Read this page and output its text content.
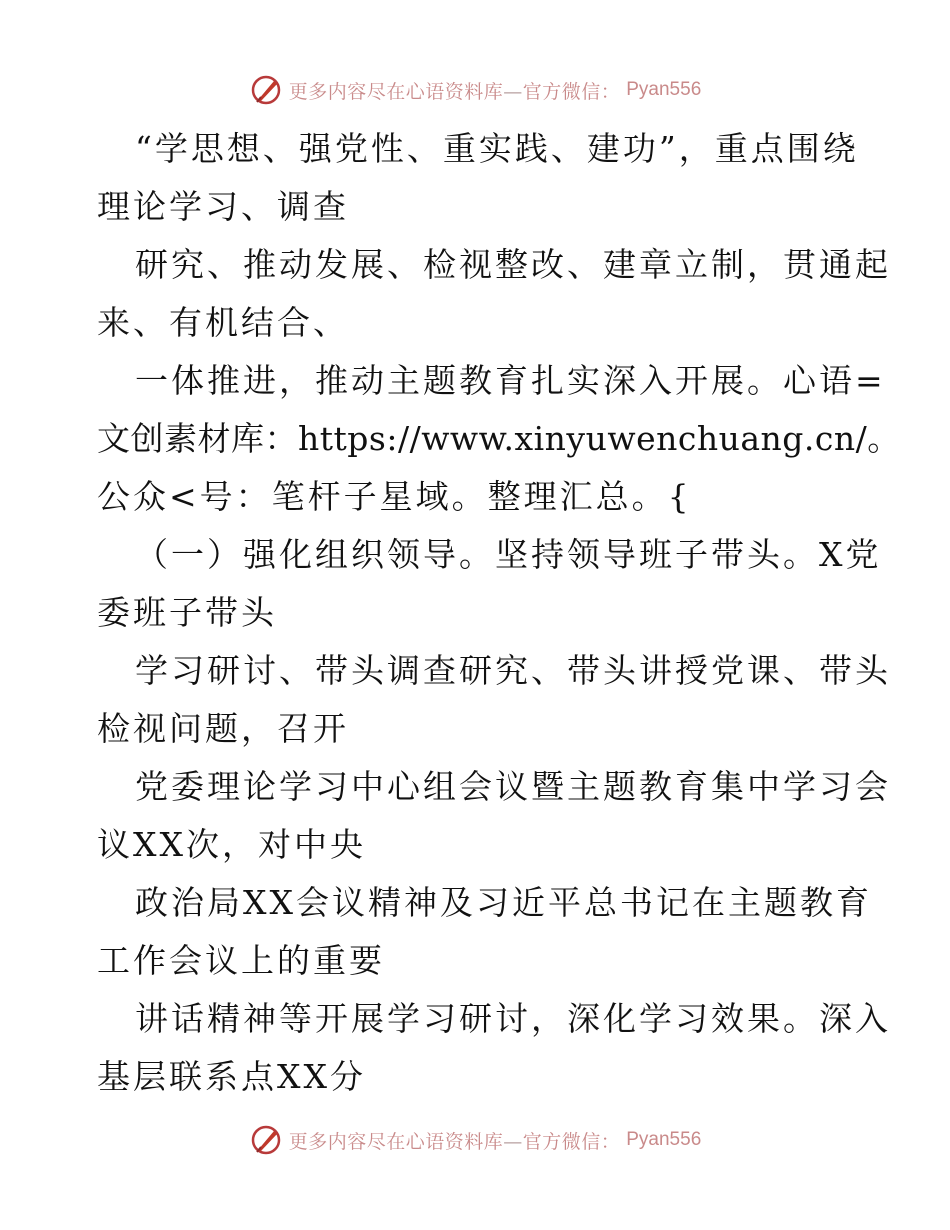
更多内容尽在心语资料库—官方微信： Pyan556
“学思想、强党性、重实践、建功”，重点围绕
理论学习、调查
研究、推动发展、检视整改、建章立制，贯通起
来、有机结合、
一体推进，推动主题教育扎实深入开展。心语=
文创素材库：https://www.xinyuwenchuang.cn/。
公众<号：笔杆子星域。整理汇总。{
（一）强化组织领导。坚持领导班子带头。X党
委班子带头
学习研讨、带头调查研究、带头讲授党课、带头
检视问题，召开
党委理论学习中心组会议暨主题教育集中学习会
议XX次，对中央
政治局XX会议精神及习近平总书记在主题教育
工作会议上的重要
讲话精神等开展学习研讨，深化学习效果。深入
基层联系点XX分
更多内容尽在心语资料库—官方微信： Pyan556
